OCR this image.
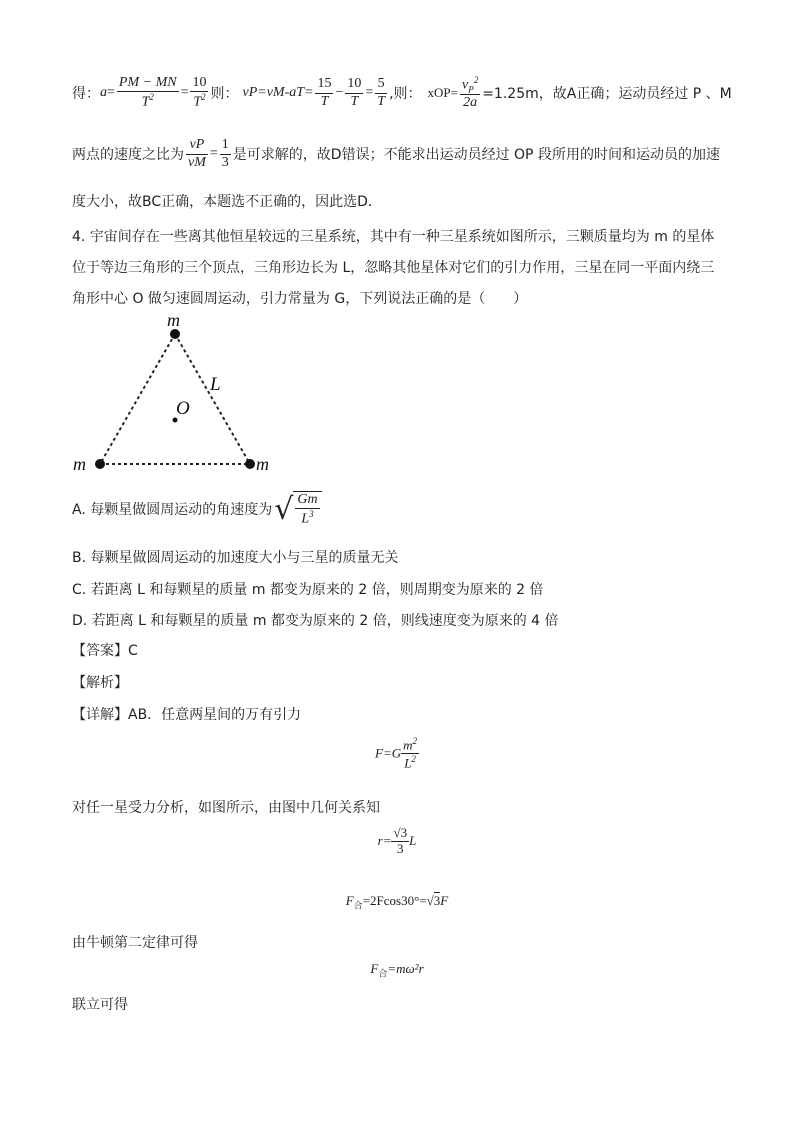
得： $a = \frac{PM - MN}{T^2} = \frac{10}{T^2}$ 则： $vP=vM-aT= \frac{15}{T} - \frac{10}{T} = \frac{5}{T}$ ,则： $xOP= \frac{v_P^2}{2a} =1.25m$，故A正确；运动员经过 P 、M
两点的速度之比为 $\frac{vP}{vM} = \frac{1}{3}$ 是可求解的，故D错误；不能求出运动员经过 OP 段所用的时间和运动员的加速
度大小，故BC正确，本题选不正确的，因此选D．
4. 宇宙间存在一些离其他恒星较远的三星系统，其中有一种三星系统如图所示，三颗质量均为 m 的星体
位于等边三角形的三个顶点，三角形边长为 L，忽略其他星体对它们的引力作用，三星在同一平面内绕三
角形中心 O 做匀速圆周运动，引力常量为 G，下列说法正确的是（　　）
m
m	m
L
O
A. 每颗星做圆周运动的角速度为 √ $\frac{Gm}{L^3}$
B. 每颗星做圆周运动的加速度大小与三星的质量无关
C. 若距离 L 和每颗星的质量 m 都变为原来的 2 倍，则周期变为原来的 2 倍
D. 若距离 L 和每颗星的质量 m 都变为原来的 2 倍，则线速度变为原来的 4 倍
【答案】C
【解析】
【详解】AB．任意两星间的万有引力
$F=G \frac{m^2}{L^2}$
对任一星受力分析，如图所示，由图中几何关系知
$r= \frac{√3}{3}$ L
$F_合=2Fcos30^\circ=√3F$
由牛顿第二定律可得
$F_合=m\omega^2r$
联立可得
